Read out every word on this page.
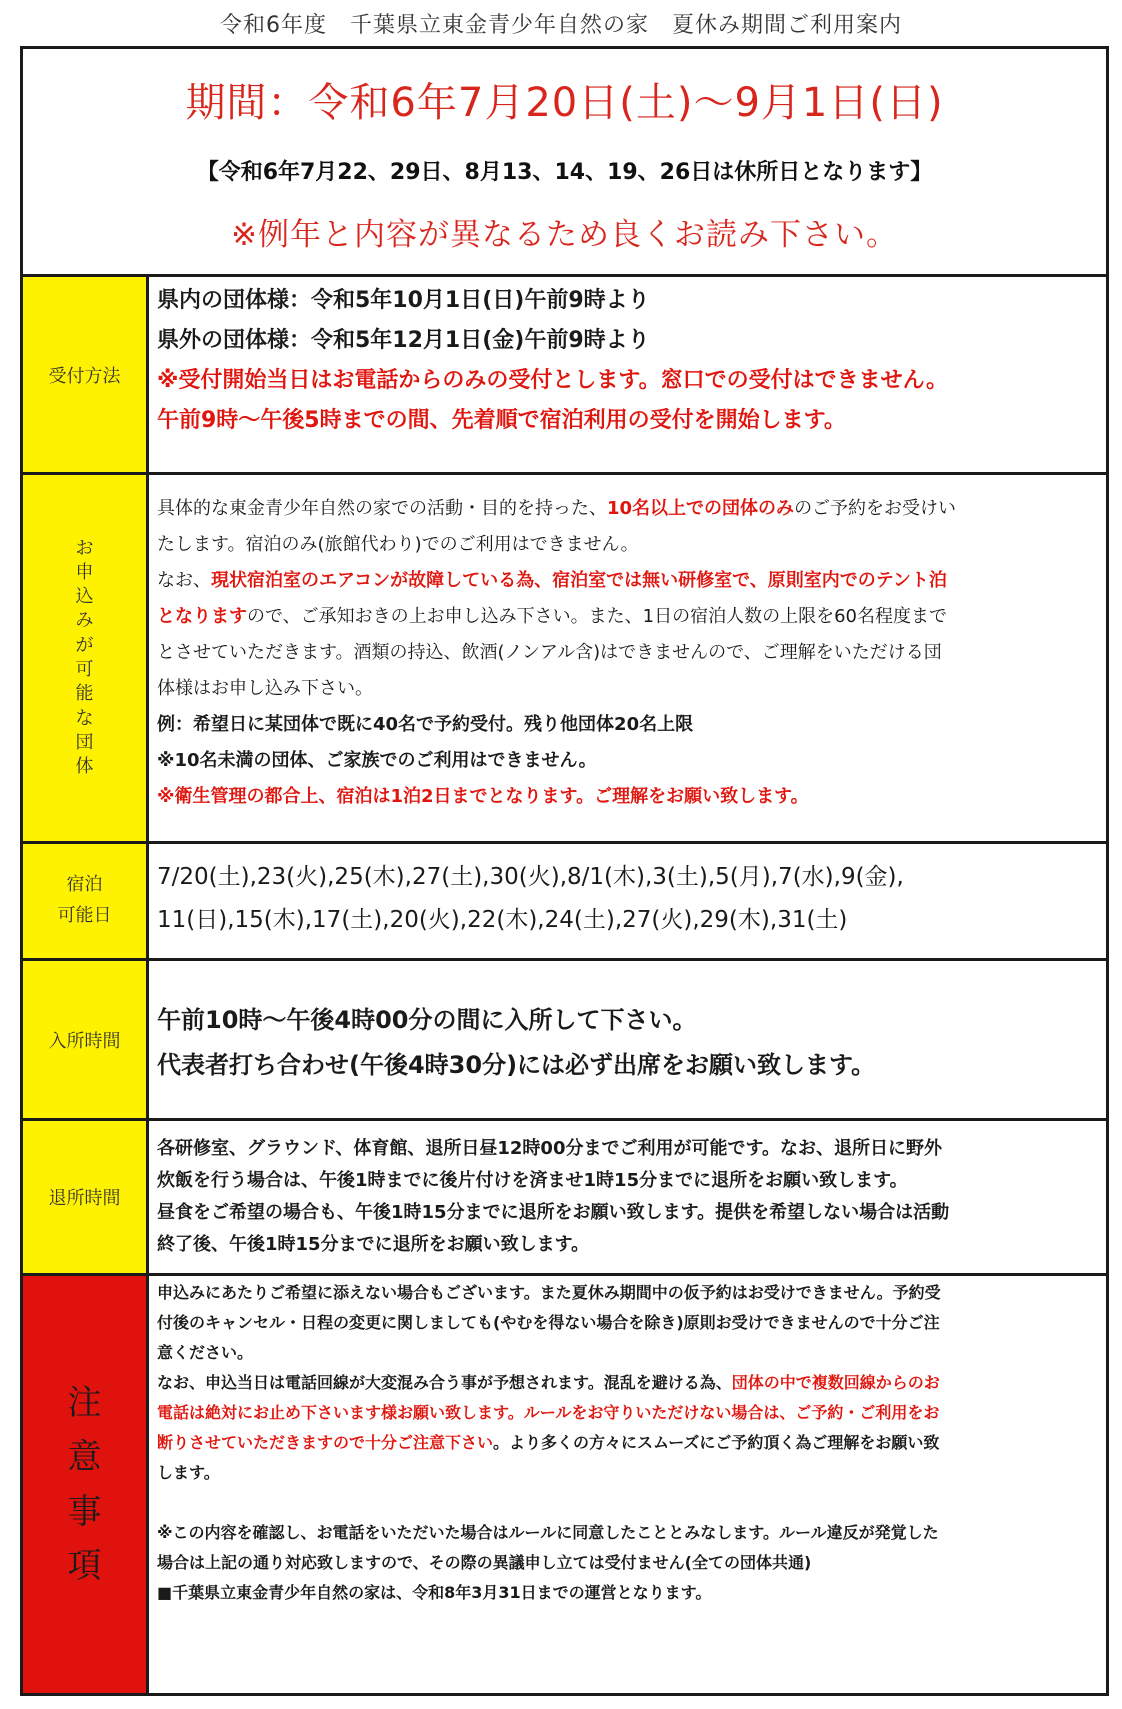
令和6年度　千葉県立東金青少年自然の家　夏休み期間ご利用案内
期間：令和6年7月20日(土)～9月1日(日)
【令和6年7月22、29日、8月13、14、19、26日は休所日となります】
※例年と内容が異なるため良くお読み下さい。
受付方法
県内の団体様：令和5年10月1日(日)午前9時より
県外の団体様：令和5年12月1日(金)午前9時より
※受付開始当日はお電話からのみの受付とします。窓口での受付はできません。
午前9時～午後5時までの間、先着順で宿泊利用の受付を開始します。
お
申
込
み
が
可
能
な
団
体
具体的な東金青少年自然の家での活動・目的を持った、10名以上での団体のみのご予約をお受けい
たします。宿泊のみ(旅館代わり)でのご利用はできません。
なお、現状宿泊室のエアコンが故障している為、宿泊室では無い研修室で、原則室内でのテント泊
となりますので、ご承知おきの上お申し込み下さい。また、1日の宿泊人数の上限を60名程度まで
とさせていただきます。酒類の持込、飲酒(ノンアル含)はできませんので、ご理解をいただける団
体様はお申し込み下さい。
例：希望日に某団体で既に40名で予約受付。残り他団体20名上限
※10名未満の団体、ご家族でのご利用はできません。
※衛生管理の都合上、宿泊は1泊2日までとなります。ご理解をお願い致します。
宿泊
可能日
7/20(土),23(火),25(木),27(土),30(火),8/1(木),3(土),5(月),7(水),9(金),
11(日),15(木),17(土),20(火),22(木),24(土),27(火),29(木),31(土)
入所時間
午前10時～午後4時00分の間に入所して下さい。
代表者打ち合わせ(午後4時30分)には必ず出席をお願い致します。
退所時間
各研修室、グラウンド、体育館、退所日昼12時00分までご利用が可能です。なお、退所日に野外
炊飯を行う場合は、午後1時までに後片付けを済ませ1時15分までに退所をお願い致します。
昼食をご希望の場合も、午後1時15分までに退所をお願い致します。提供を希望しない場合は活動
終了後、午後1時15分までに退所をお願い致します。
注
意
事
項
申込みにあたりご希望に添えない場合もございます。また夏休み期間中の仮予約はお受けできません。予約受
付後のキャンセル・日程の変更に関しましても(やむを得ない場合を除き)原則お受けできませんので十分ご注
意ください。
なお、申込当日は電話回線が大変混み合う事が予想されます。混乱を避ける為、団体の中で複数回線からのお
電話は絶対にお止め下さいます様お願い致します。ルールをお守りいただけない場合は、ご予約・ご利用をお
断りさせていただきますので十分ご注意下さい。より多くの方々にスムーズにご予約頂く為ご理解をお願い致
します。
※この内容を確認し、お電話をいただいた場合はルールに同意したこととみなします。ルール違反が発覚した
場合は上記の通り対応致しますので、その際の異議申し立ては受付ません(全ての団体共通)
■千葉県立東金青少年自然の家は、令和8年3月31日までの運営となります。
